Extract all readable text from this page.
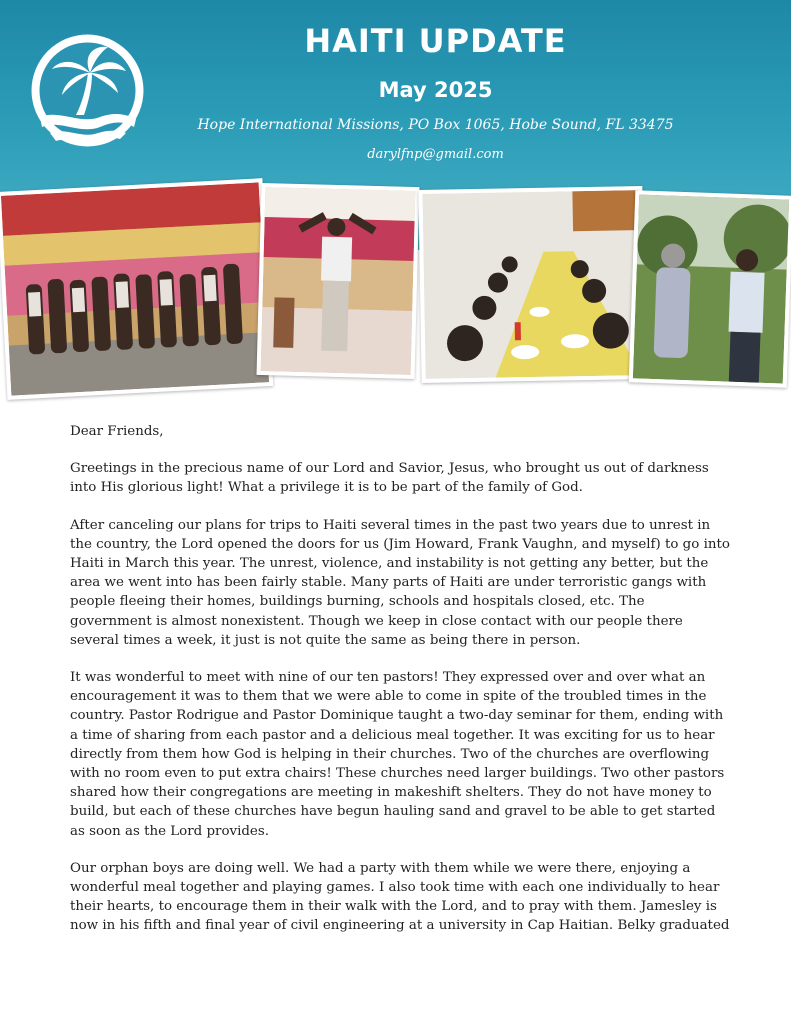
HAITI UPDATE
May 2025
Hope International Missions, PO Box 1065, Hobe Sound, FL 33475
darylfnp@gmail.com

Dear Friends,

Greetings in the precious name of our Lord and Savior, Jesus, who brought us out of darkness into His glorious light! What a privilege it is to be part of the family of God.

After canceling our plans for trips to Haiti several times in the past two years due to unrest in the country, the Lord opened the doors for us (Jim Howard, Frank Vaughn, and myself) to go into Haiti in March this year. The unrest, violence, and instability is not getting any better, but the area we went into has been fairly stable. Many parts of Haiti are under terroristic gangs with people fleeing their homes, buildings burning, schools and hospitals closed, etc. The government is almost nonexistent. Though we keep in close contact with our people there several times a week, it just is not quite the same as being there in person.

It was wonderful to meet with nine of our ten pastors! They expressed over and over what an encouragement it was to them that we were able to come in spite of the troubled times in the country. Pastor Rodrigue and Pastor Dominique taught a two-day seminar for them, ending with a time of sharing from each pastor and a delicious meal together. It was exciting for us to hear directly from them how God is helping in their churches. Two of the churches are overflowing with no room even to put extra chairs! These churches need larger buildings. Two other pastors shared how their congregations are meeting in makeshift shelters. They do not have money to build, but each of these churches have begun hauling sand and gravel to be able to get started as soon as the Lord provides.

Our orphan boys are doing well. We had a party with them while we were there, enjoying a wonderful meal together and playing games. I also took time with each one individually to hear their hearts, to encourage them in their walk with the Lord, and to pray with them. Jamesley is now in his fifth and final year of civil engineering at a university in Cap Haitian. Belky graduated
